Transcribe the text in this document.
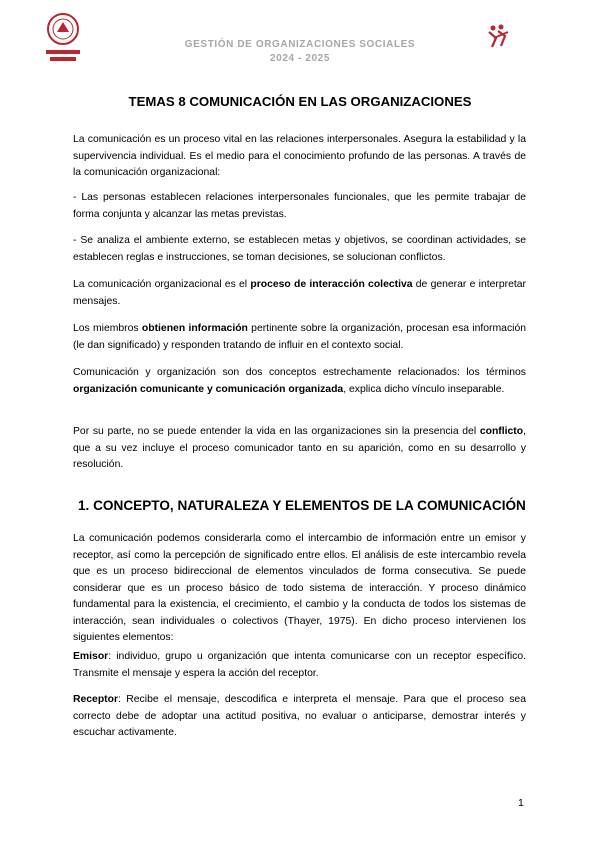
GESTIÓN DE ORGANIZACIONES SOCIALES
2024 - 2025
TEMAS 8 COMUNICACIÓN EN LAS ORGANIZACIONES

La comunicación es un proceso vital en las relaciones interpersonales. Asegura la estabilidad y la supervivencia individual. Es el medio para el conocimiento profundo de las personas. A través de la comunicación organizacional:

- Las personas establecen relaciones interpersonales funcionales, que les permite trabajar de forma conjunta y alcanzar las metas previstas.

- Se analiza el ambiente externo, se establecen metas y objetivos, se coordinan actividades, se establecen reglas e instrucciones, se toman decisiones, se solucionan conflictos.

La comunicación organizacional es el proceso de interacción colectiva de generar e interpretar mensajes.

Los miembros obtienen información pertinente sobre la organización, procesan esa información (le dan significado) y responden tratando de influir en el contexto social.

Comunicación y organización son dos conceptos estrechamente relacionados: los términos organización comunicante y comunicación organizada, explica dicho vínculo inseparable.

Por su parte, no se puede entender la vida en las organizaciones sin la presencia del conflicto, que a su vez incluye el proceso comunicador tanto en su aparición, como en su desarrollo y resolución.

1. CONCEPTO, NATURALEZA Y ELEMENTOS DE LA COMUNICACIÓN

La comunicación podemos considerarla como el intercambio de información entre un emisor y receptor, así como la percepción de significado entre ellos. El análisis de este intercambio revela que es un proceso bidireccional de elementos vinculados de forma consecutiva. Se puede considerar que es un proceso básico de todo sistema de interacción. Y proceso dinámico fundamental para la existencia, el crecimiento, el cambio y la conducta de todos los sistemas de interacción, sean individuales o colectivos (Thayer, 1975). En dicho proceso intervienen los siguientes elementos:

Emisor: individuo, grupo u organización que intenta comunicarse con un receptor específico. Transmite el mensaje y espera la acción del receptor.

Receptor: Recibe el mensaje, descodifica e interpreta el mensaje. Para que el proceso sea correcto debe de adoptar una actitud positiva, no evaluar o anticiparse, demostrar interés y escuchar activamente.

1
